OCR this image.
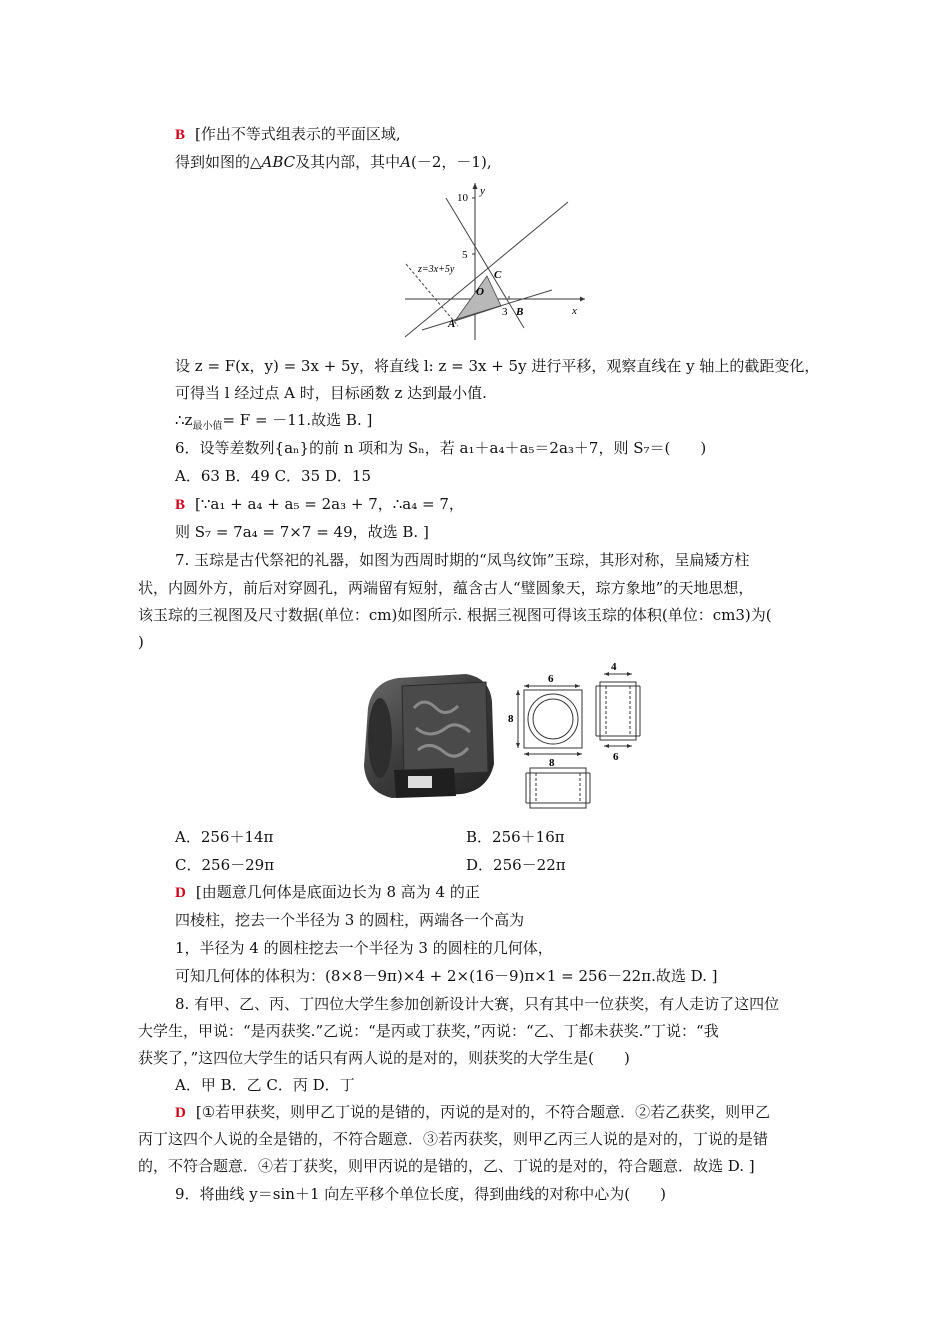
B [作出不等式组表示的平面区域,
得到如图的△ABC及其内部，其中A(－2，－1),
10
5
3
y
x
z=3x+5y
O
A
B
C
设 z = F(x，y) = 3x + 5y，将直线 l: z = 3x + 5y 进行平移，观察直线在 y 轴上的截距变化，
可得当 l 经过点 A 时，目标函数 z 达到最小值.
$\therefore z_{最小值}= F = -11$.故选 B. ]
6．设等差数列{aₙ}的前 n 项和为 Sₙ，若 a₁＋a₄＋a₅＝2a₃＋7，则 S₇＝(　　)
A．63 B．49 C．35 D．15
B [∵a₁ + a₄ + a₅ = 2a₃ + 7，∴a₄ = 7，
则 S₇ = 7a₄ = 7×7 = 49，故选 B. ]
7. 玉琮是古代祭祀的礼器，如图为西周时期的“凤鸟纹饰”玉琮，其形对称，呈扁矮方柱
状，内圆外方，前后对穿圆孔，两端留有短射，蕴含古人“璧圆象天，琮方象地”的天地思想，
该玉琮的三视图及尺寸数据(单位：cm)如图所示. 根据三视图可得该玉琮的体积(单位：cm3)为(
)
6
8
8
4
6
A．256＋14π	B．256＋16π
C．256－29π	D．256－22π
D [由题意几何体是底面边长为 8 高为 4 的正
四棱柱，挖去一个半径为 3 的圆柱，两端各一个高为
1，半径为 4 的圆柱挖去一个半径为 3 的圆柱的几何体，
可知几何体的体积为：(8×8－9π)×4 + 2×(16－9)π×1 = 256－22π.故选 D. ]
8. 有甲、乙、丙、丁四位大学生参加创新设计大赛，只有其中一位获奖，有人走访了这四位
大学生，甲说：“是丙获奖.”乙说：“是丙或丁获奖，”丙说：“乙、丁都未获奖.”丁说：“我
获奖了，”这四位大学生的话只有两人说的是对的，则获奖的大学生是(　　)
A．甲 B．乙 C．丙 D．丁
D [①若甲获奖，则甲乙丁说的是错的，丙说的是对的，不符合题意．②若乙获奖，则甲乙
丙丁这四个人说的全是错的，不符合题意．③若丙获奖，则甲乙丙三人说的是对的，丁说的是错
的，不符合题意．④若丁获奖，则甲丙说的是错的，乙、丁说的是对的，符合题意．故选 D. ]
9．将曲线 y＝sin＋1 向左平移个单位长度，得到曲线的对称中心为(　　)
